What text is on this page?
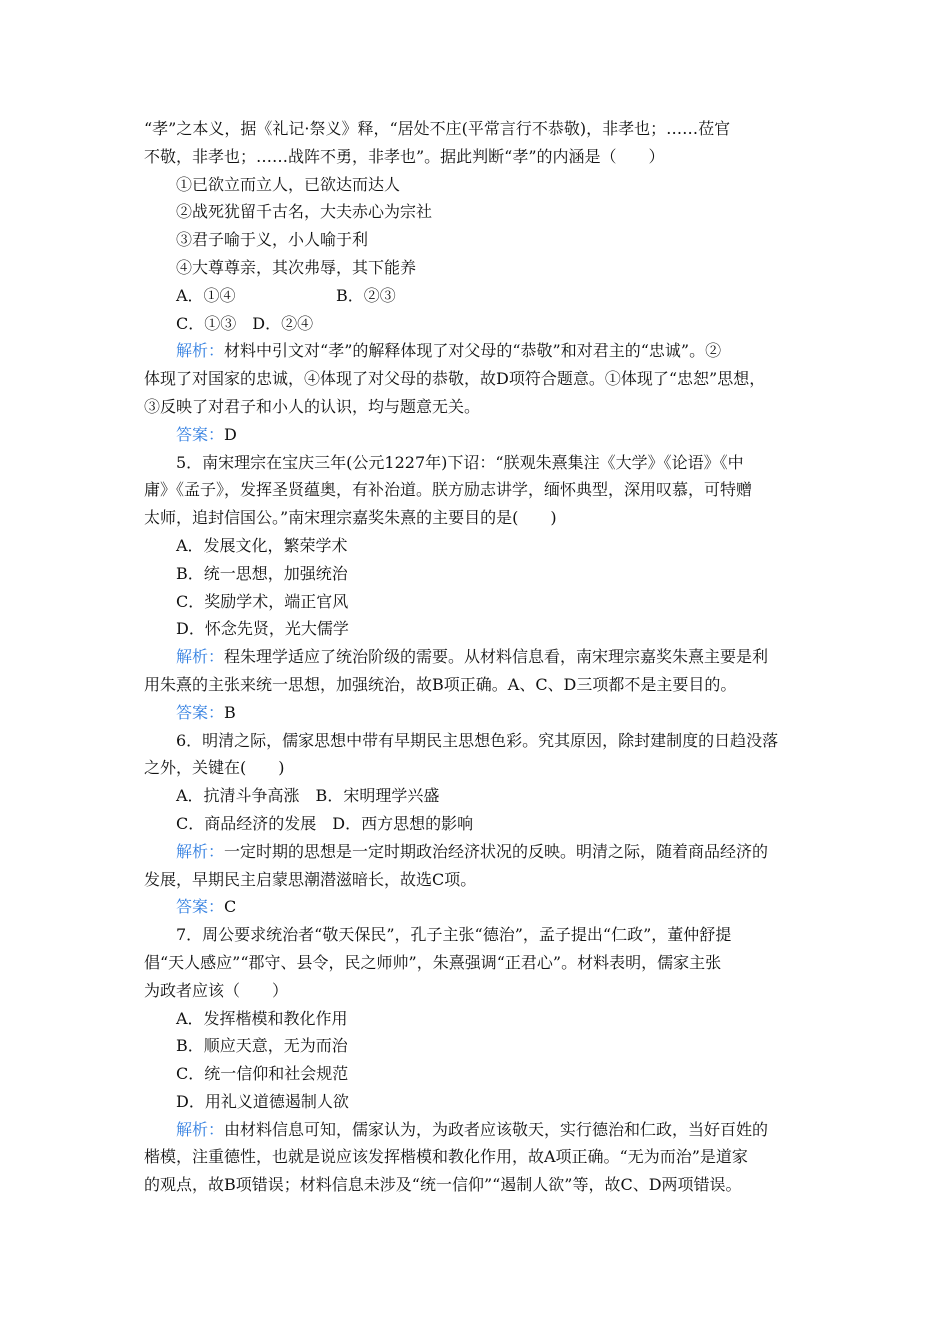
“孝”之本义，据《礼记·祭义》释，“居处不庄(平常言行不恭敬)，非孝也；……莅官
不敬，非孝也；……战阵不勇，非孝也”。据此判断“孝”的内涵是（　　）
①已欲立而立人，已欲达而达人
②战死犹留千古名，大夫赤心为宗社
③君子喻于义，小人喻于利
④大尊尊亲，其次弗辱，其下能养
A．①④	B．②③
C．①③　D．②④
解析：材料中引文对“孝”的解释体现了对父母的“恭敬”和对君主的“忠诚”。②
体现了对国家的忠诚，④体现了对父母的恭敬，故D项符合题意。①体现了“忠恕”思想，
③反映了对君子和小人的认识，均与题意无关。
答案：D
5．南宋理宗在宝庆三年(公元1227年)下诏：“朕观朱熹集注《大学》《论语》《中
庸》《孟子》，发挥圣贤蕴奥，有补治道。朕方励志讲学，缅怀典型，深用叹慕，可特赠
太师，追封信国公。”南宋理宗嘉奖朱熹的主要目的是(　　)
A．发展文化，繁荣学术
B．统一思想，加强统治
C．奖励学术，端正官风
D．怀念先贤，光大儒学
解析：程朱理学适应了统治阶级的需要。从材料信息看，南宋理宗嘉奖朱熹主要是利
用朱熹的主张来统一思想，加强统治，故B项正确。A、C、D三项都不是主要目的。
答案：B
6．明清之际，儒家思想中带有早期民主思想色彩。究其原因，除封建制度的日趋没落
之外，关键在(　　)
A．抗清斗争高涨　B．宋明理学兴盛
C．商品经济的发展　D．西方思想的影响
解析：一定时期的思想是一定时期政治经济状况的反映。明清之际，随着商品经济的
发展，早期民主启蒙思潮潜滋暗长，故选C项。
答案：C
7．周公要求统治者“敬天保民”，孔子主张“德治”，孟子提出“仁政”，董仲舒提
倡“天人感应”“郡守、县令，民之师帅”，朱熹强调“正君心”。材料表明，儒家主张
为政者应该（　　）
A．发挥楷模和教化作用
B．顺应天意，无为而治
C．统一信仰和社会规范
D．用礼义道德遏制人欲
解析：由材料信息可知，儒家认为，为政者应该敬天，实行德治和仁政，当好百姓的
楷模，注重德性，也就是说应该发挥楷模和教化作用，故A项正确。“无为而治”是道家
的观点，故B项错误；材料信息未涉及“统一信仰”“遏制人欲”等，故C、D两项错误。
